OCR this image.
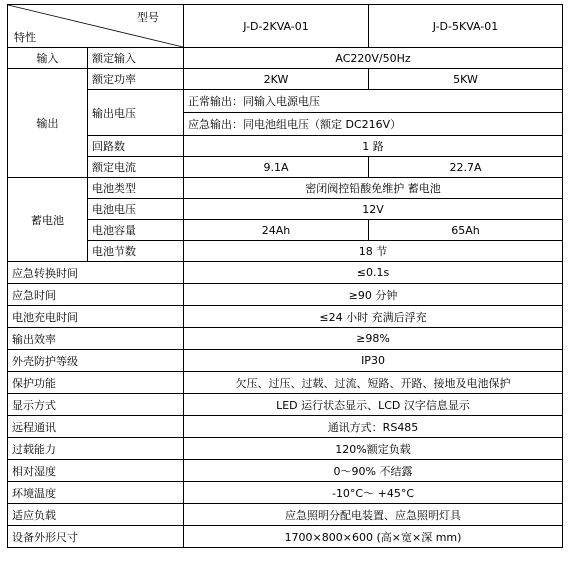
型号
特性		J-D-2KVA-01	J-D-5KVA-01
输入	额定输入	AC220V/50Hz	
输出	额定功率	2KW	5KW
	输出电压	正常输出：同输入电源电压	
		应急输出：同电池组电压（额定 DC216V）	
	回路数	1 路	
	额定电流	9.1A	22.7A
蓄电池	电池类型	密闭阀控铅酸免维护 蓄电池	
	电池电压	12V	
	电池容量	24Ah	65Ah
	电池节数	18 节	
应急转换时间		≤0.1s	
应急时间		≥90 分钟	
电池充电时间		≤24 小时 充满后浮充	
输出效率		≥98%	
外壳防护等级		IP30	
保护功能		欠压、过压、过载、过流、短路、开路、接地及电池保护	
显示方式		LED 运行状态显示、LCD 汉字信息显示	
远程通讯		通讯方式：RS485	
过载能力		120%额定负载	
相对湿度		0～90% 不结露	
环境温度		-10°C～ +45°C	
适应负载		应急照明分配电装置、应急照明灯具	
设备外形尺寸		1700×800×600 (高×宽×深 mm)	
